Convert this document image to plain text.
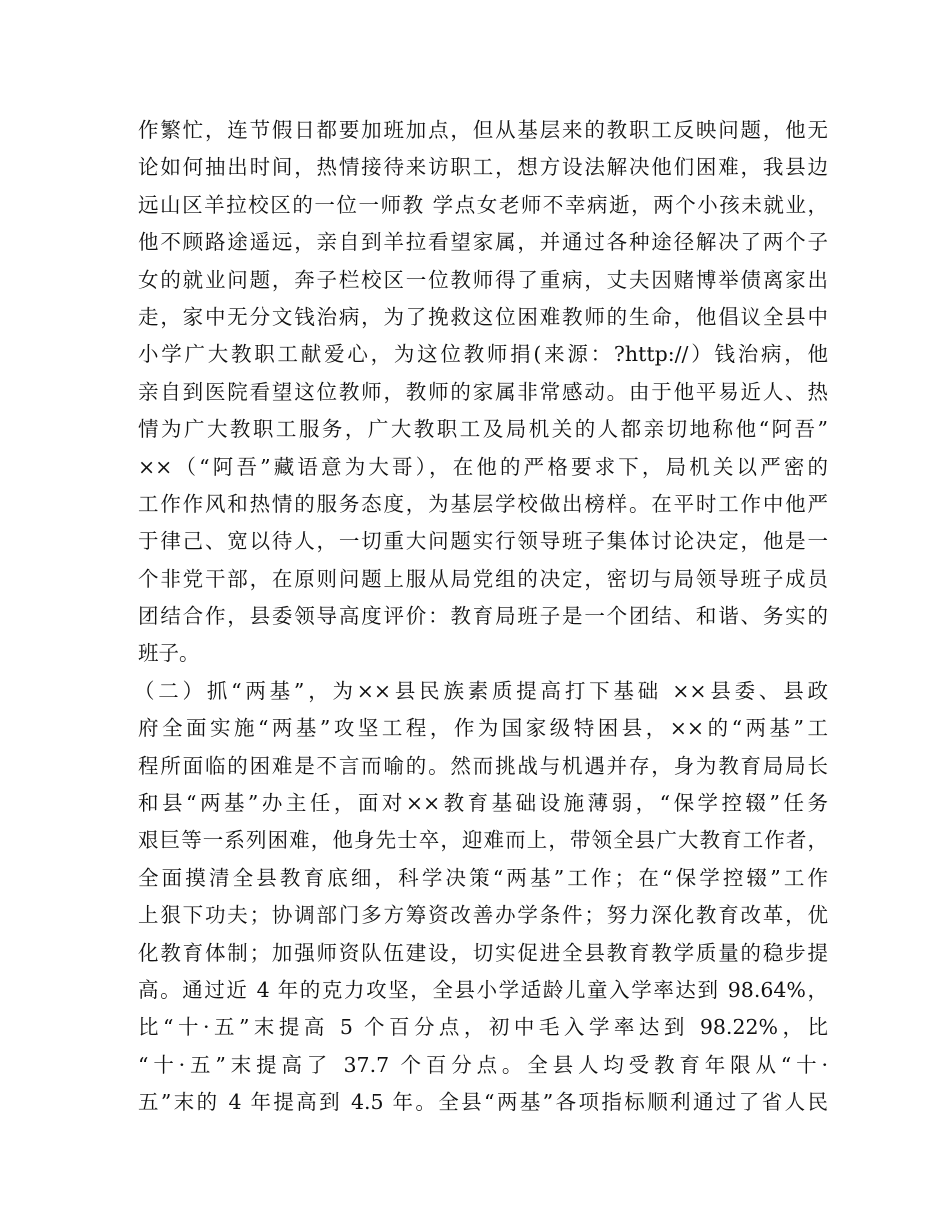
作繁忙，连节假日都要加班加点，但从基层来的教职工反映问题，他无
论如何抽出时间，热情接待来访职工，想方设法解决他们困难，我县边
远山区羊拉校区的一位一师教 学点女老师不幸病逝，两个小孩未就业，
他不顾路途遥远，亲自到羊拉看望家属，并通过各种途径解决了两个子
女的就业问题，奔子栏校区一位教师得了重病，丈夫因赌博举债离家出
走，家中无分文钱治病，为了挽救这位困难教师的生命，他倡议全县中
小学广大教职工献爱心，为这位教师捐(来源：?http://）钱治病，他
亲自到医院看望这位教师，教师的家属非常感动。由于他平易近人、热
情为广大教职工服务，广大教职工及局机关的人都亲切地称他“阿吾”
××（“阿吾”藏语意为大哥），在他的严格要求下，局机关以严密的
工作作风和热情的服务态度，为基层学校做出榜样。在平时工作中他严
于律己、宽以待人，一切重大问题实行领导班子集体讨论决定，他是一
个非党干部，在原则问题上服从局党组的决定，密切与局领导班子成员
团结合作，县委领导高度评价：教育局班子是一个团结、和谐、务实的
班子。
（二）抓“两基”，为××县民族素质提高打下基础 ××县委、县政
府全面实施“两基”攻坚工程，作为国家级特困县，××的“两基”工
程所面临的困难是不言而喻的。然而挑战与机遇并存，身为教育局局长
和县“两基”办主任，面对××教育基础设施薄弱，“保学控辍”任务
艰巨等一系列困难，他身先士卒，迎难而上，带领全县广大教育工作者，
全面摸清全县教育底细，科学决策“两基”工作；在“保学控辍”工作
上狠下功夫；协调部门多方筹资改善办学条件；努力深化教育改革，优
化教育体制；加强师资队伍建设，切实促进全县教育教学质量的稳步提
高。通过近 4 年的克力攻坚，全县小学适龄儿童入学率达到 98.64%，
比“十·五”末提高 5 个百分点，初中毛入学率达到 98.22%，比
“十·五”末提高了 37.7 个百分点。全县人均受教育年限从“十·
五”末的 4 年提高到 4.5 年。全县“两基”各项指标顺利通过了省人民
